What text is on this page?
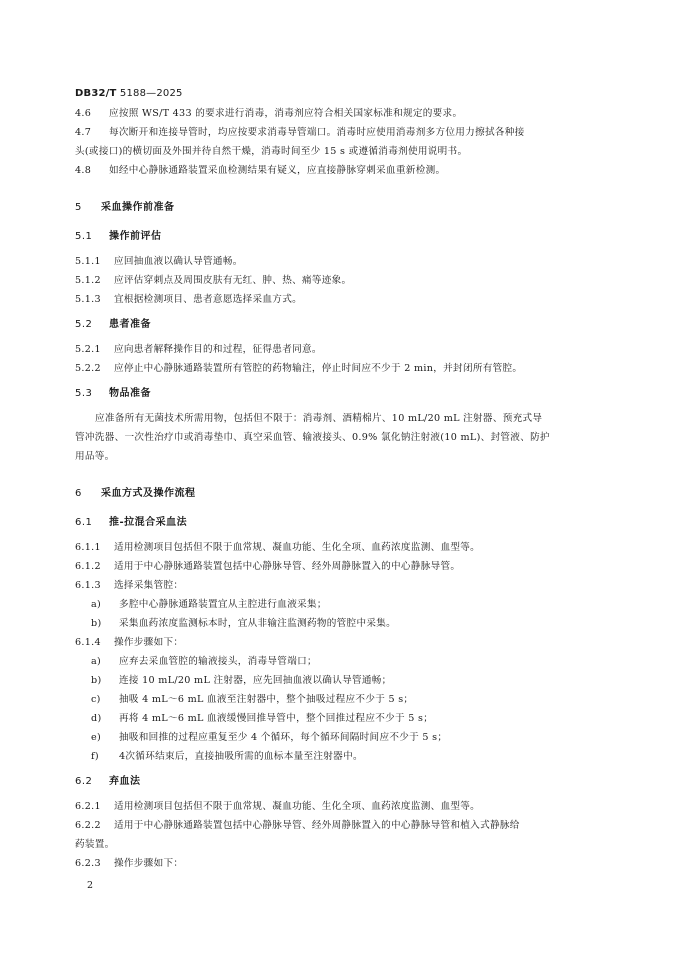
DB32/T 5188—2025
4.6 应按照 WS/T 433 的要求进行消毒，消毒剂应符合相关国家标准和规定的要求。
4.7 每次断开和连接导管时，均应按要求消毒导管端口。消毒时应使用消毒剂多方位用力擦拭各种接
头(或接口)的横切面及外围并待自然干燥，消毒时间至少 15 s 或遵循消毒剂使用说明书。
4.8 如经中心静脉通路装置采血检测结果有疑义，应直接静脉穿刺采血重新检测。
5 采血操作前准备
5.1 操作前评估
5.1.1 应回抽血液以确认导管通畅。
5.1.2 应评估穿刺点及周围皮肤有无红、肿、热、痛等迹象。
5.1.3 宜根据检测项目、患者意愿选择采血方式。
5.2 患者准备
5.2.1 应向患者解释操作目的和过程，征得患者同意。
5.2.2 应停止中心静脉通路装置所有管腔的药物输注，停止时间应不少于 2 min，并封闭所有管腔。
5.3 物品准备
应准备所有无菌技术所需用物，包括但不限于：消毒剂、酒精棉片、10 mL/20 mL 注射器、预充式导
管冲洗器、一次性治疗巾或消毒垫巾、真空采血管、输液接头、0.9% 氯化钠注射液(10 mL)、封管液、防护
用品等。
6 采血方式及操作流程
6.1 推-拉混合采血法
6.1.1 适用检测项目包括但不限于血常规、凝血功能、生化全项、血药浓度监测、血型等。
6.1.2 适用于中心静脉通路装置包括中心静脉导管、经外周静脉置入的中心静脉导管。
6.1.3 选择采集管腔：
a) 多腔中心静脉通路装置宜从主腔进行血液采集；
b) 采集血药浓度监测标本时，宜从非输注监测药物的管腔中采集。
6.1.4 操作步骤如下：
a) 应弃去采血管腔的输液接头，消毒导管端口；
b) 连接 10 mL/20 mL 注射器，应先回抽血液以确认导管通畅；
c) 抽吸 4 mL～6 mL 血液至注射器中，整个抽吸过程应不少于 5 s；
d) 再将 4 mL～6 mL 血液缓慢回推导管中，整个回推过程应不少于 5 s；
e) 抽吸和回推的过程应重复至少 4 个循环，每个循环间隔时间应不少于 5 s；
f) 4次循环结束后，直接抽吸所需的血标本量至注射器中。
6.2 弃血法
6.2.1 适用检测项目包括但不限于血常规、凝血功能、生化全项、血药浓度监测、血型等。
6.2.2 适用于中心静脉通路装置包括中心静脉导管、经外周静脉置入的中心静脉导管和植入式静脉给
药装置。
6.2.3 操作步骤如下：
2
